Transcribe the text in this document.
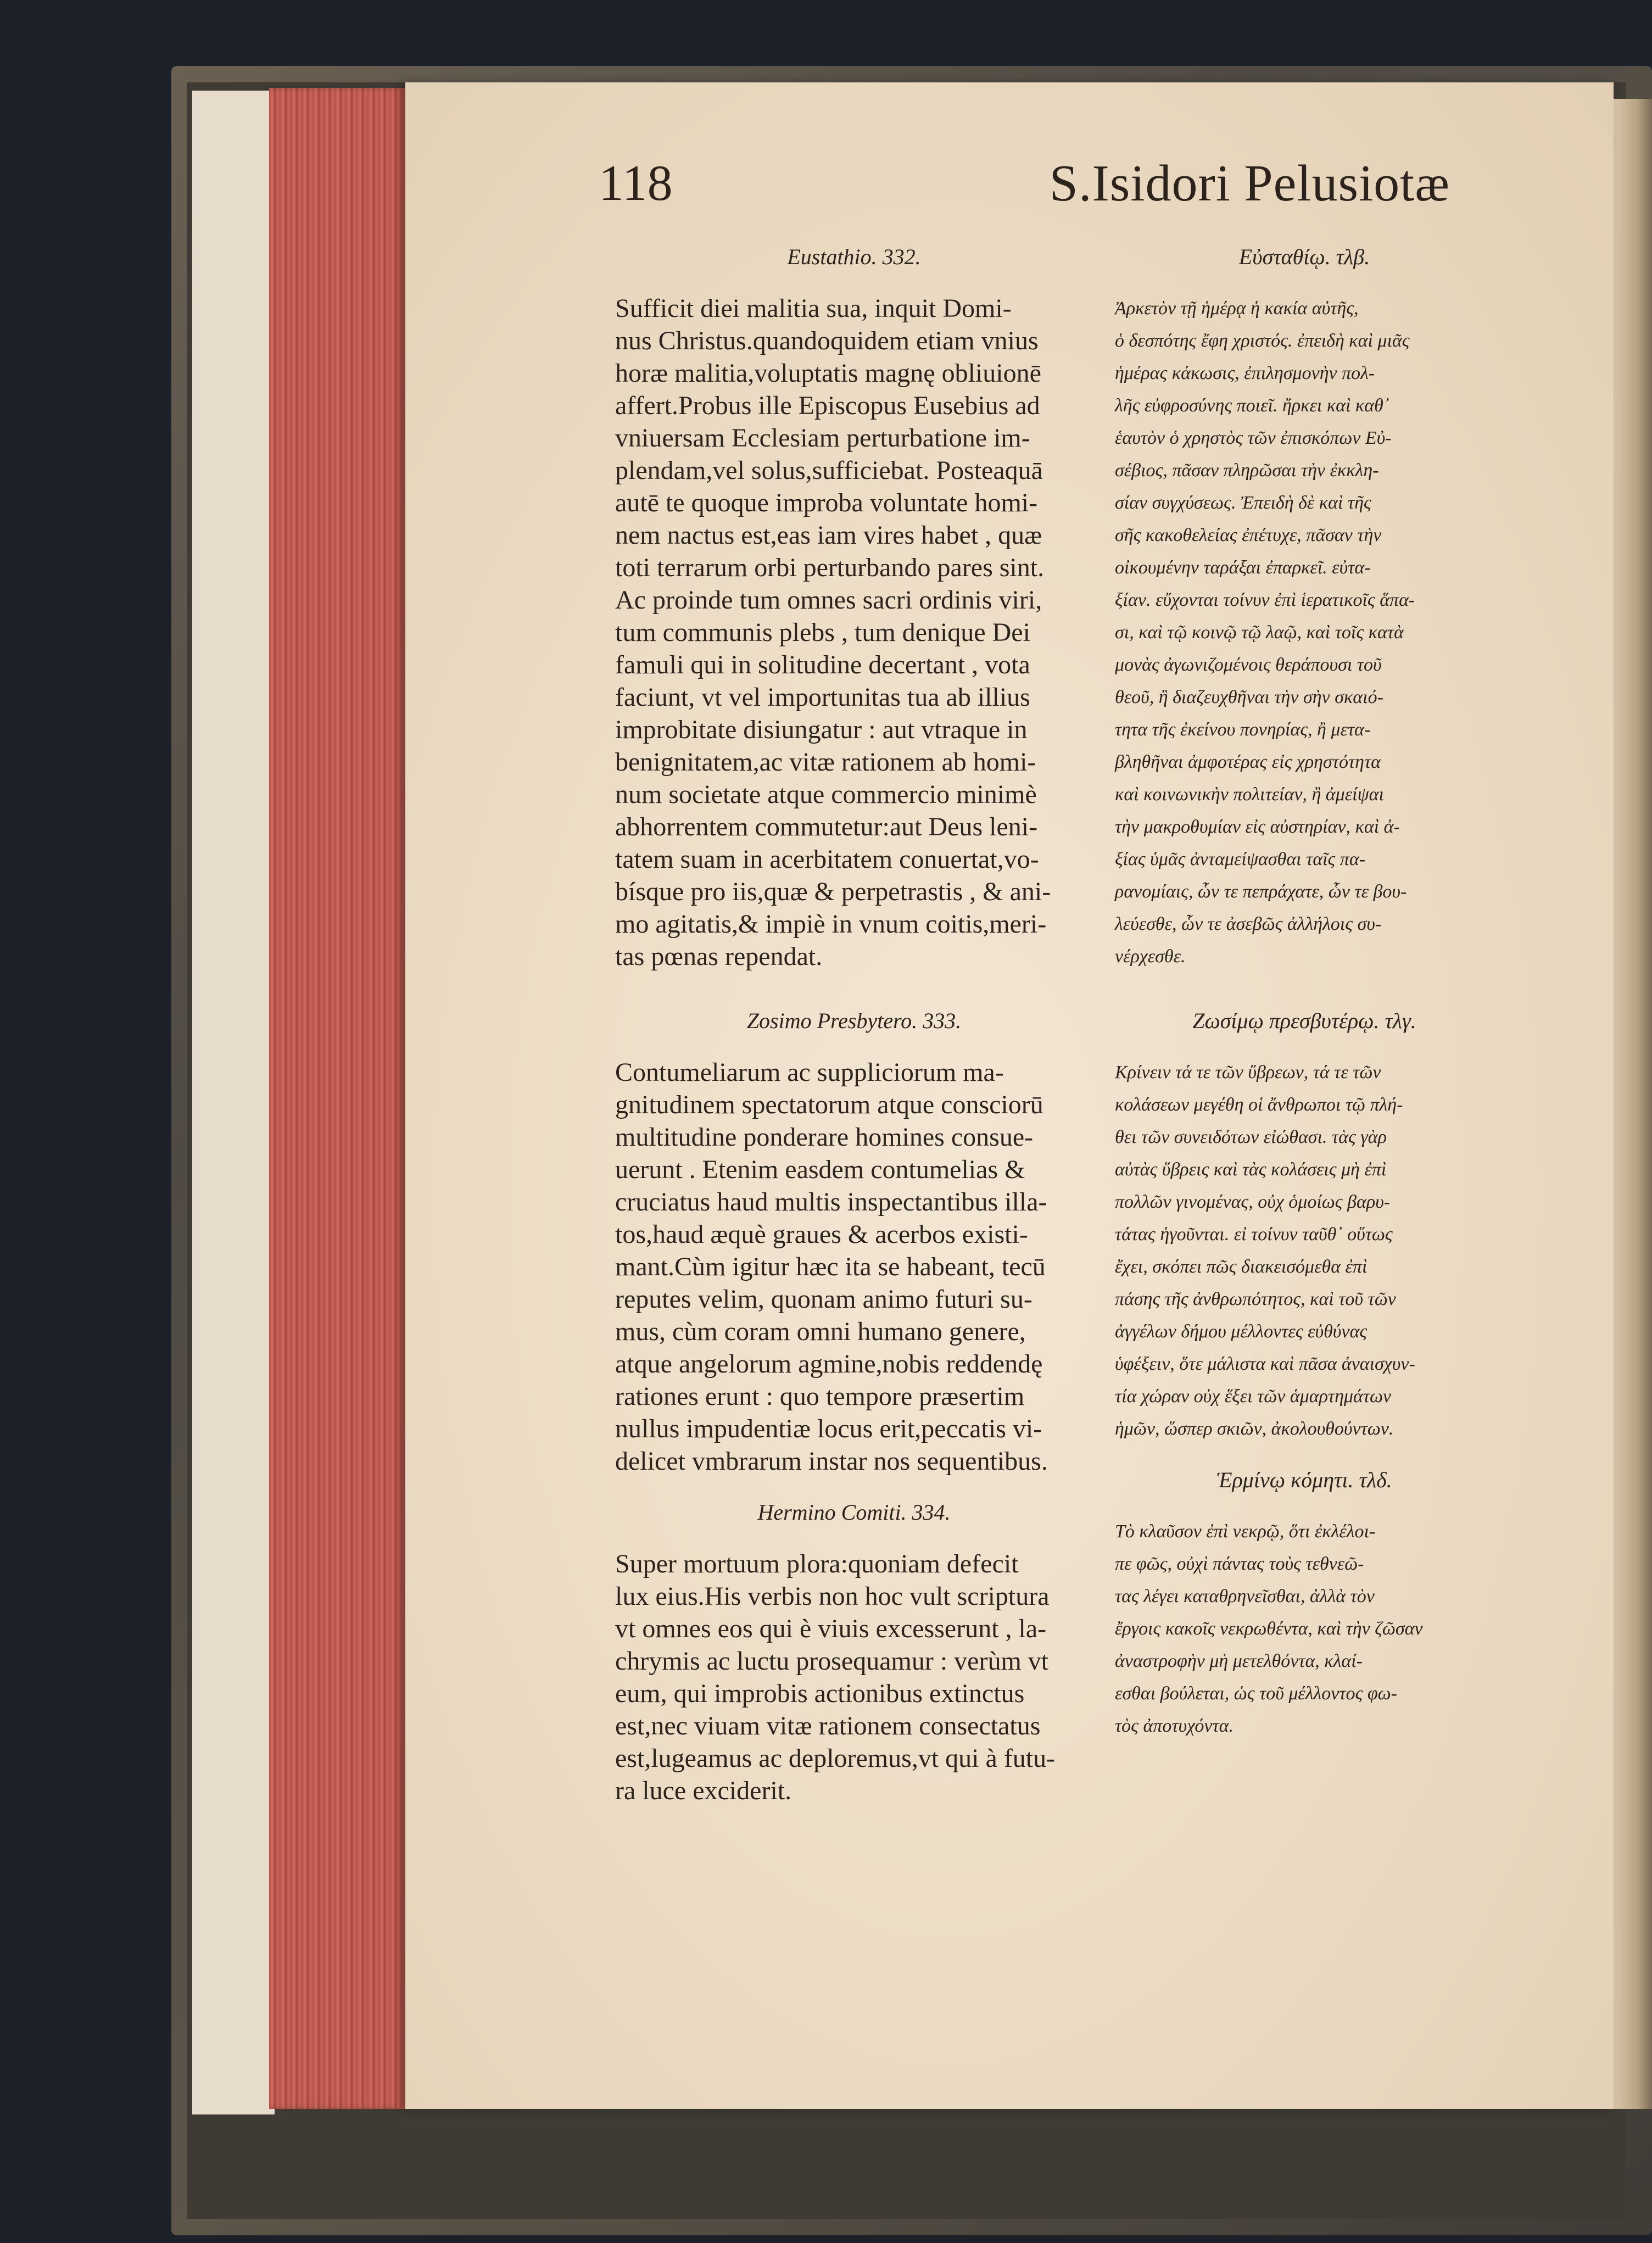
118	S.Isidori Pelusiotæ

Eustathio. 332.

Sufficit diei malitia sua, inquit Domi-
nus Christus.quandoquidem etiam vnius
horæ malitia,voluptatis magnę obliuionē
affert.Probus ille Episcopus Eusebius ad
vniuersam Ecclesiam perturbatione im-
plendam,vel solus,sufficiebat. Posteaquā
autē te quoque improba voluntate homi-
nem nactus est,eas iam vires habet , quæ
toti terrarum orbi perturbando pares sint.
Ac proinde tum omnes sacri ordinis viri,
tum communis plebs , tum denique Dei
famuli qui in solitudine decertant , vota
faciunt, vt vel importunitas tua ab illius
improbitate disiungatur : aut vtraque in
benignitatem,ac vitæ rationem ab homi-
num societate atque commercio minimè
abhorrentem commutetur:aut Deus leni-
tatem suam in acerbitatem conuertat,vo-
bísque pro iis,quæ & perpetrastis , & ani-
mo agitatis,& impiè in vnum coitis,meri-
tas pœnas rependat.

Zosimo Presbytero. 333.

Contumeliarum ac suppliciorum ma-
gnitudinem spectatorum atque consciorū
multitudine ponderare homines consue-
uerunt . Etenim easdem contumelias &
cruciatus haud multis inspectantibus illa-
tos,haud æquè graues & acerbos existi-
mant.Cùm igitur hæc ita se habeant, tecū
reputes velim, quonam animo futuri su-
mus, cùm coram omni humano genere,
atque angelorum agmine,nobis reddendę
rationes erunt : quo tempore præsertim
nullus impudentiæ locus erit,peccatis vi-
delicet vmbrarum instar nos sequentibus.

Hermino Comiti. 334.

Super mortuum plora:quoniam defecit
lux eius.His verbis non hoc vult scriptura
vt omnes eos qui è viuis excesserunt , la-
chrymis ac luctu prosequamur : verùm vt
eum, qui improbis actionibus extinctus
est,nec viuam vitæ rationem consectatus
est,lugeamus ac deploremus,vt qui à futu-
ra luce exciderit.

Εὐσταθίῳ. τλβ.

Ἀρκετὸν τῇ ἡμέρᾳ ἡ κακία αὐτῆς,
ὁ δεσπότης ἔφη χριστός. ἐπειδὴ καὶ μιᾶς
ἡμέρας κάκωσις, ἐπιλησμονὴν πολ-
λῆς εὐφροσύνης ποιεῖ. ἤρκει καὶ καθ᾿
ἑαυτὸν ὁ χρηστὸς τῶν ἐπισκόπων Εὐ-
σέβιος, πᾶσαν πληρῶσαι τὴν ἐκκλη-
σίαν συγχύσεως. Ἐπειδὴ δὲ καὶ τῆς
σῆς κακοθελείας ἐπέτυχε, πᾶσαν τὴν
οἰκουμένην ταράξαι ἐπαρκεῖ. εὐτα-
ξίαν. εὔχονται τοίνυν ἐπὶ ἱερατικοῖς ἅπα-
σι, καὶ τῷ κοινῷ τῷ λαῷ, καὶ τοῖς κατὰ
μονὰς ἀγωνιζομένοις θεράπουσι τοῦ
θεοῦ, ἢ διαζευχθῆναι τὴν σὴν σκαιό-
τητα τῆς ἐκείνου πονηρίας, ἢ μετα-
βληθῆναι ἀμφοτέρας εἰς χρηστότητα
καὶ κοινωνικὴν πολιτείαν, ἢ ἀμείψαι
τὴν μακροθυμίαν εἰς αὐστηρίαν, καὶ ἀ-
ξίας ὑμᾶς ἀνταμείψασθαι ταῖς πα-
ρανομίαις, ὧν τε πεπράχατε, ὧν τε βου-
λεύεσθε, ὧν τε ἀσεβῶς ἀλλήλοις συ-
νέρχεσθε.

Ζωσίμῳ πρεσβυτέρῳ. τλγ.

Κρίνειν τά τε τῶν ὕβρεων, τά τε τῶν
κολάσεων μεγέθη οἱ ἄνθρωποι τῷ πλή-
θει τῶν συνειδότων εἰώθασι. τὰς γὰρ
αὐτὰς ὕβρεις καὶ τὰς κολάσεις μὴ ἐπὶ
πολλῶν γινομένας, οὐχ ὁμοίως βαρυ-
τάτας ἡγοῦνται. εἰ τοίνυν ταῦθ᾿ οὕτως
ἔχει, σκόπει πῶς διακεισόμεθα ἐπὶ
πάσης τῆς ἀνθρωπότητος, καὶ τοῦ τῶν
ἀγγέλων δήμου μέλλοντες εὐθύνας
ὑφέξειν, ὅτε μάλιστα καὶ πᾶσα ἀναισχυν-
τία χώραν οὐχ ἕξει τῶν ἁμαρτημάτων
ἡμῶν, ὥσπερ σκιῶν, ἀκολουθούντων.

Ἑρμίνῳ κόμητι. τλδ.

Τὸ κλαῦσον ἐπὶ νεκρῷ, ὅτι ἐκλέλοι-
πε φῶς, οὐχὶ πάντας τοὺς τεθνεῶ-
τας λέγει καταθρηνεῖσθαι, ἀλλὰ τὸν
ἔργοις κακοῖς νεκρωθέντα, καὶ τὴν ζῶσαν
ἀναστροφὴν μὴ μετελθόντα, κλαί-
εσθαι βούλεται, ὡς τοῦ μέλλοντος φω-
τὸς ἀποτυχόντα.
